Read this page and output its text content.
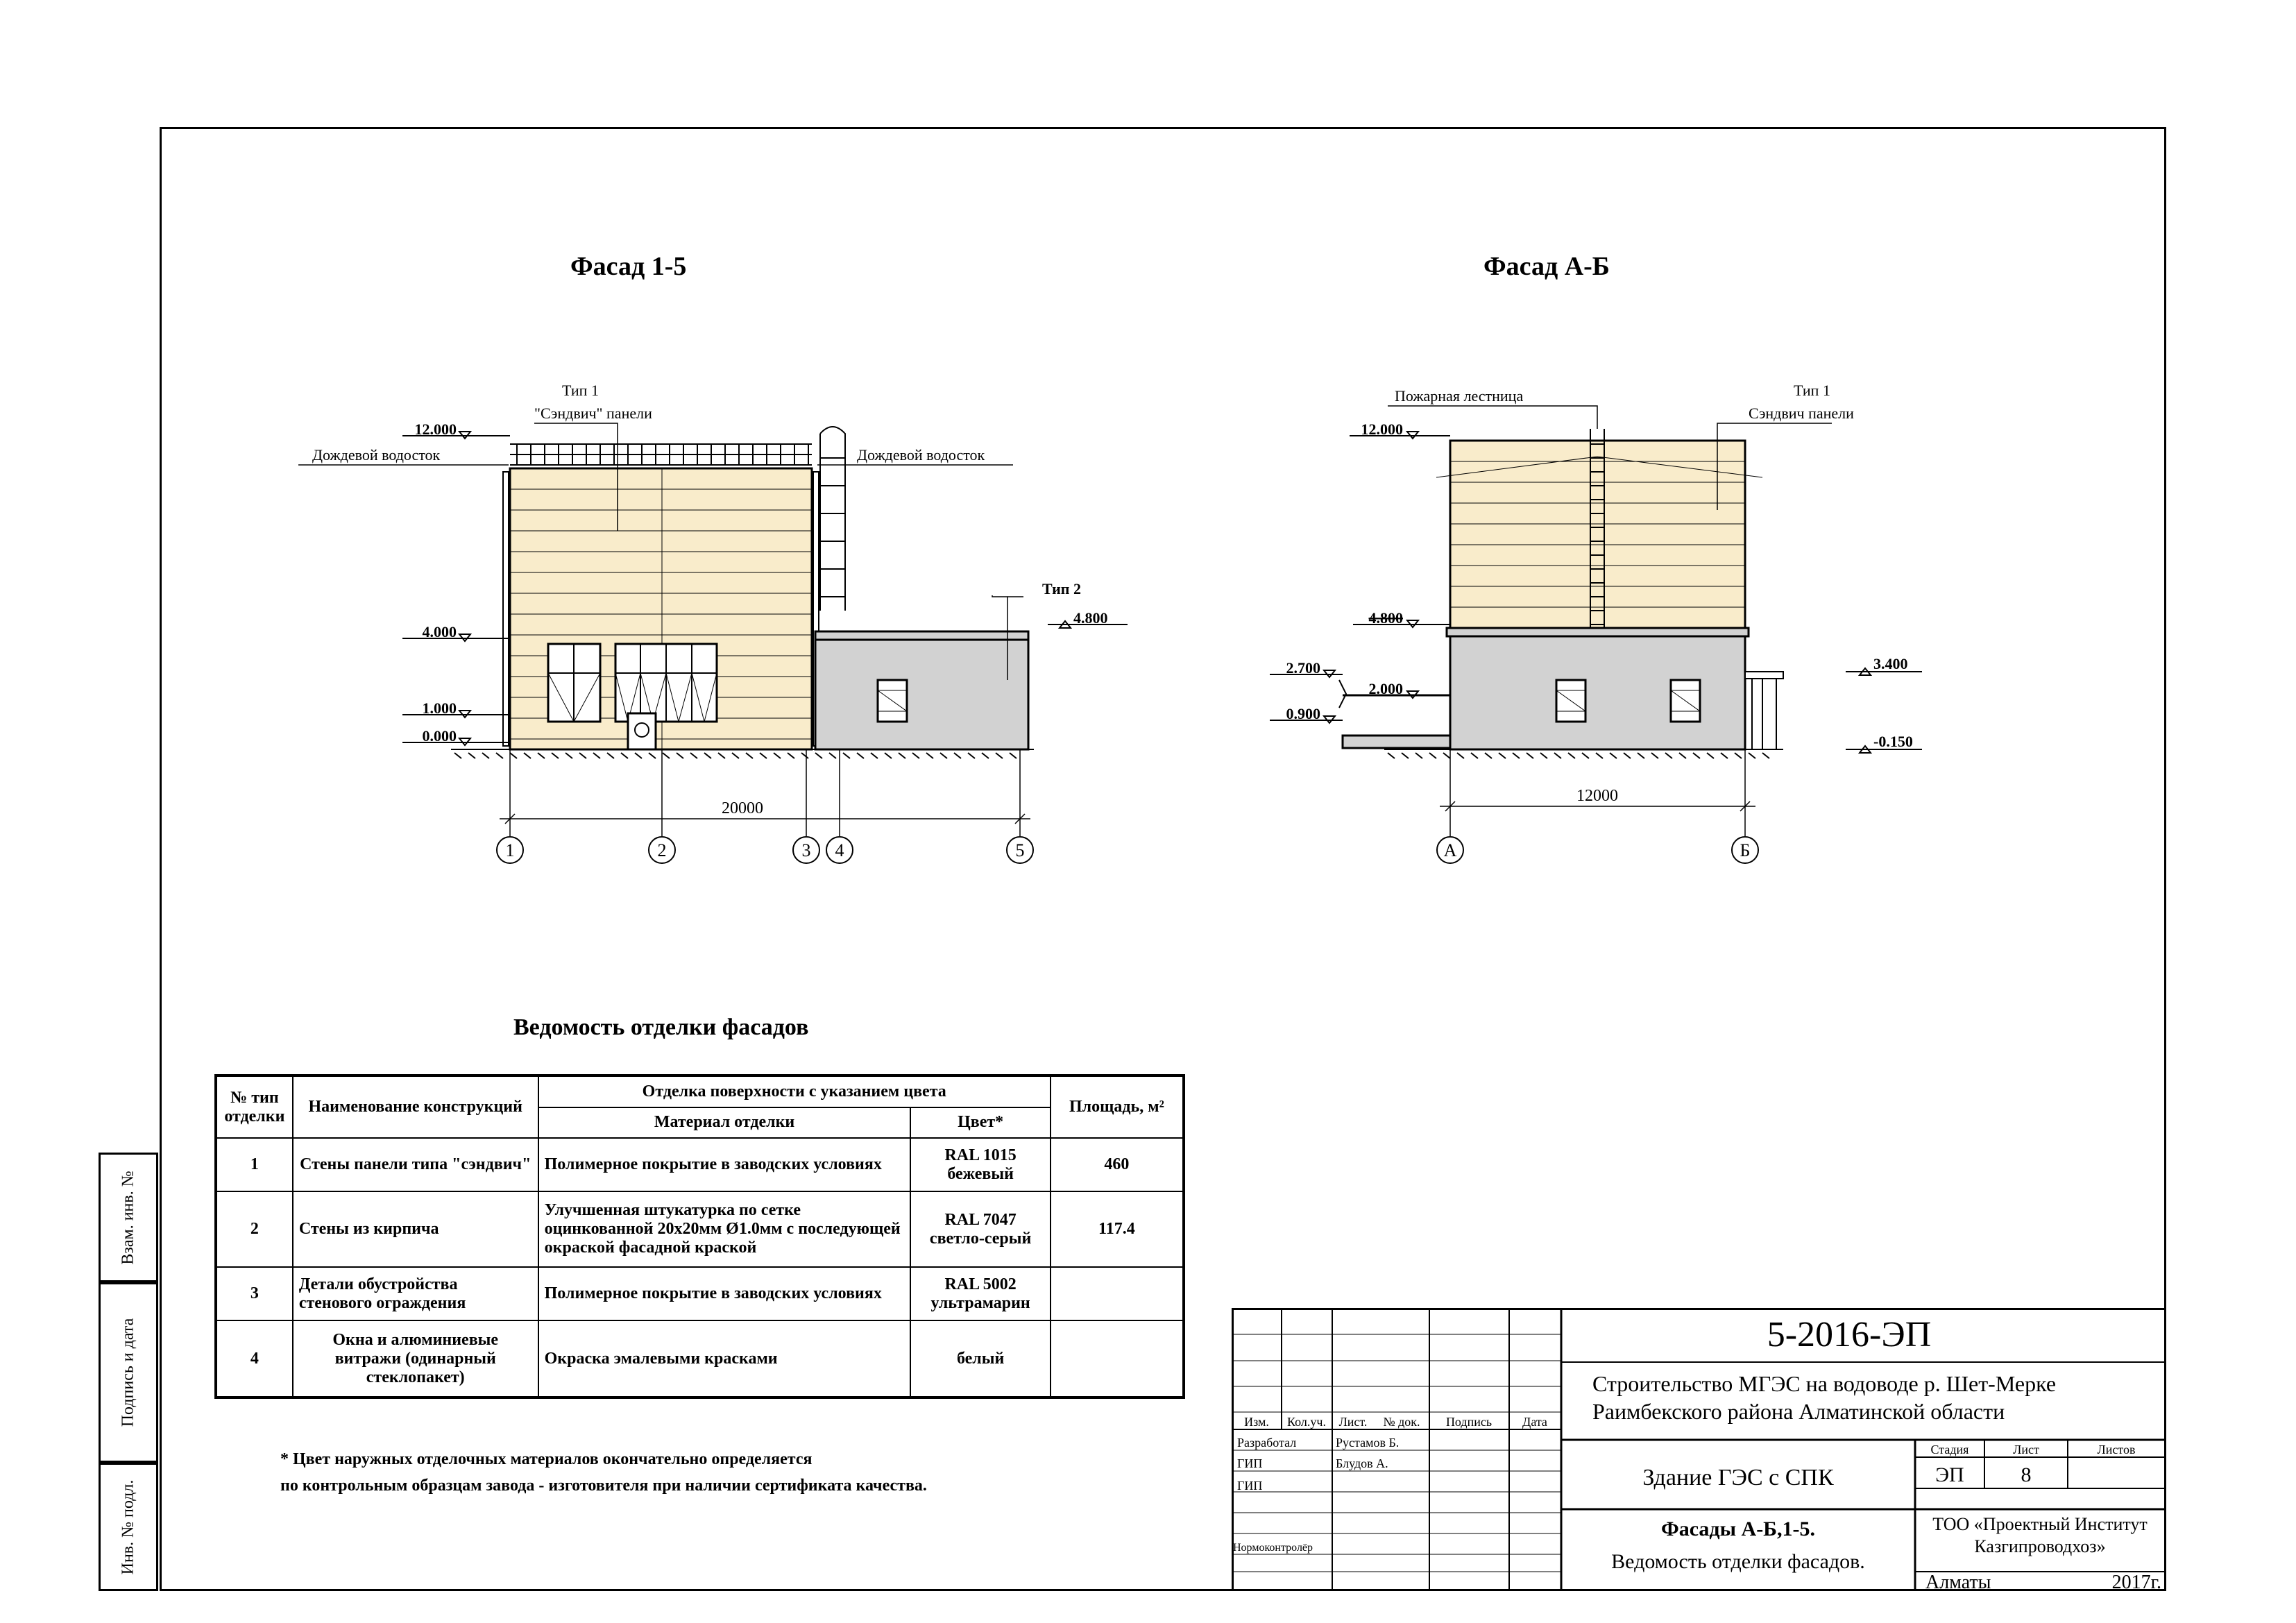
Взам. инв. №
Подпись и дата
Инв. № подл.
Фасад 1-5	Фасад А-Б
12.000
4.000
1.000
0.000
4.800
Тип 1
"Сэндвич" панели
Дождевой водосток	Дождевой водосток
Тип 2
20000
1	2	3 4	5
12.000
4.800
2.700
2.000
0.900
3.400
-0.150
Пожарная лестница	Тип 1
Сэндвич панели
12000
А	Б
Ведомость отделки фасадов
№ тип отделки	Наименование конструкций	Отделка поверхности с указанием цвета		Площадь, м²
		Материал отделки	Цвет*	
1	Стены панели типа "сэндвич"	Полимерное покрытие в заводских условиях	RAL 1015 бежевый	460
2	Стены из кирпича	Улучшенная штукатурка по сетке оцинкованной 20х20мм Ø1.0мм с последующей окраской фасадной краской	RAL 7047 светло-серый	117.4
3	Детали обустройства стенового ограждения	Полимерное покрытие в заводских условиях	RAL 5002 ультрамарин	
4	Окна и алюминиевые витражи (одинарный стеклопакет)	Окраска эмалевыми красками	белый	
* Цвет наружных отделочных материалов окончательно определяется
по контрольным образцам завода - изготовителя при наличии сертификата качества.
Изм. Кол.уч. Лист. № док. Подпись Дата
Разработал	Рустамов Б.
ГИП	Блудов А.
ГИП
Нормоконтролёр
5-2016-ЭП
Строительство МГЭС на водоводе р. Шет-Мерке
Раимбекского района Алматинской области
Здание ГЭС с СПК
Фасады А-Б,1-5.
Ведомость отделки фасадов.
Стадия	Лист	Листов
ЭП	8
ТОО «Проектный Институт
Казгипроводхоз»
Алматы	2017г.
